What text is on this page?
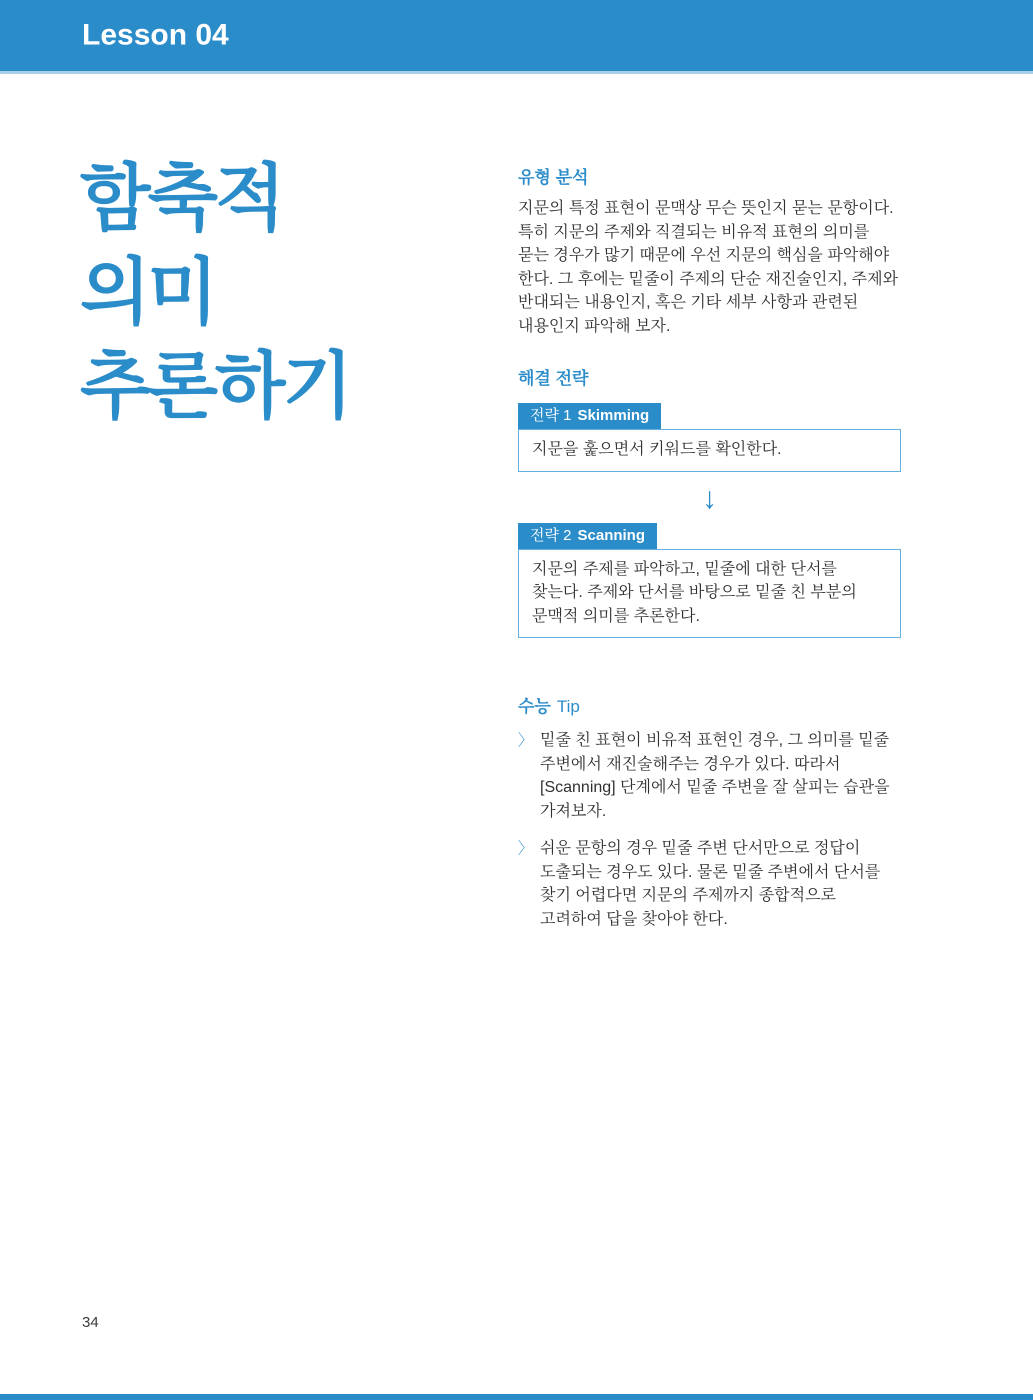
Lesson 04
함축적
의미
추론하기
유형 분석

지문의 특정 표현이 문맥상 무슨 뜻인지 묻는 문항이다. 특히 지문의 주제와 직결되는 비유적 표현의 의미를 묻는 경우가 많기 때문에 우선 지문의 핵심을 파악해야 한다. 그 후에는 밑줄이 주제의 단순 재진술인지, 주제와 반대되는 내용인지, 혹은 기타 세부 사항과 관련된 내용인지 파악해 보자.

해결 전략
전략 1 Skimming
지문을 훑으면서 키워드를 확인한다.
↓
전략 2 Scanning
지문의 주제를 파악하고, 밑줄에 대한 단서를 찾는다. 주제와 단서를 바탕으로 밑줄 친 부분의 문맥적 의미를 추론한다.
수능 Tip
〉 밑줄 친 표현이 비유적 표현인 경우, 그 의미를 밑줄 주변에서 재진술해주는 경우가 있다. 따라서 [Scanning] 단계에서 밑줄 주변을 잘 살피는 습관을 가져보자.
〉 쉬운 문항의 경우 밑줄 주변 단서만으로 정답이 도출되는 경우도 있다. 물론 밑줄 주변에서 단서를 찾기 어렵다면 지문의 주제까지 종합적으로 고려하여 답을 찾아야 한다.
34
